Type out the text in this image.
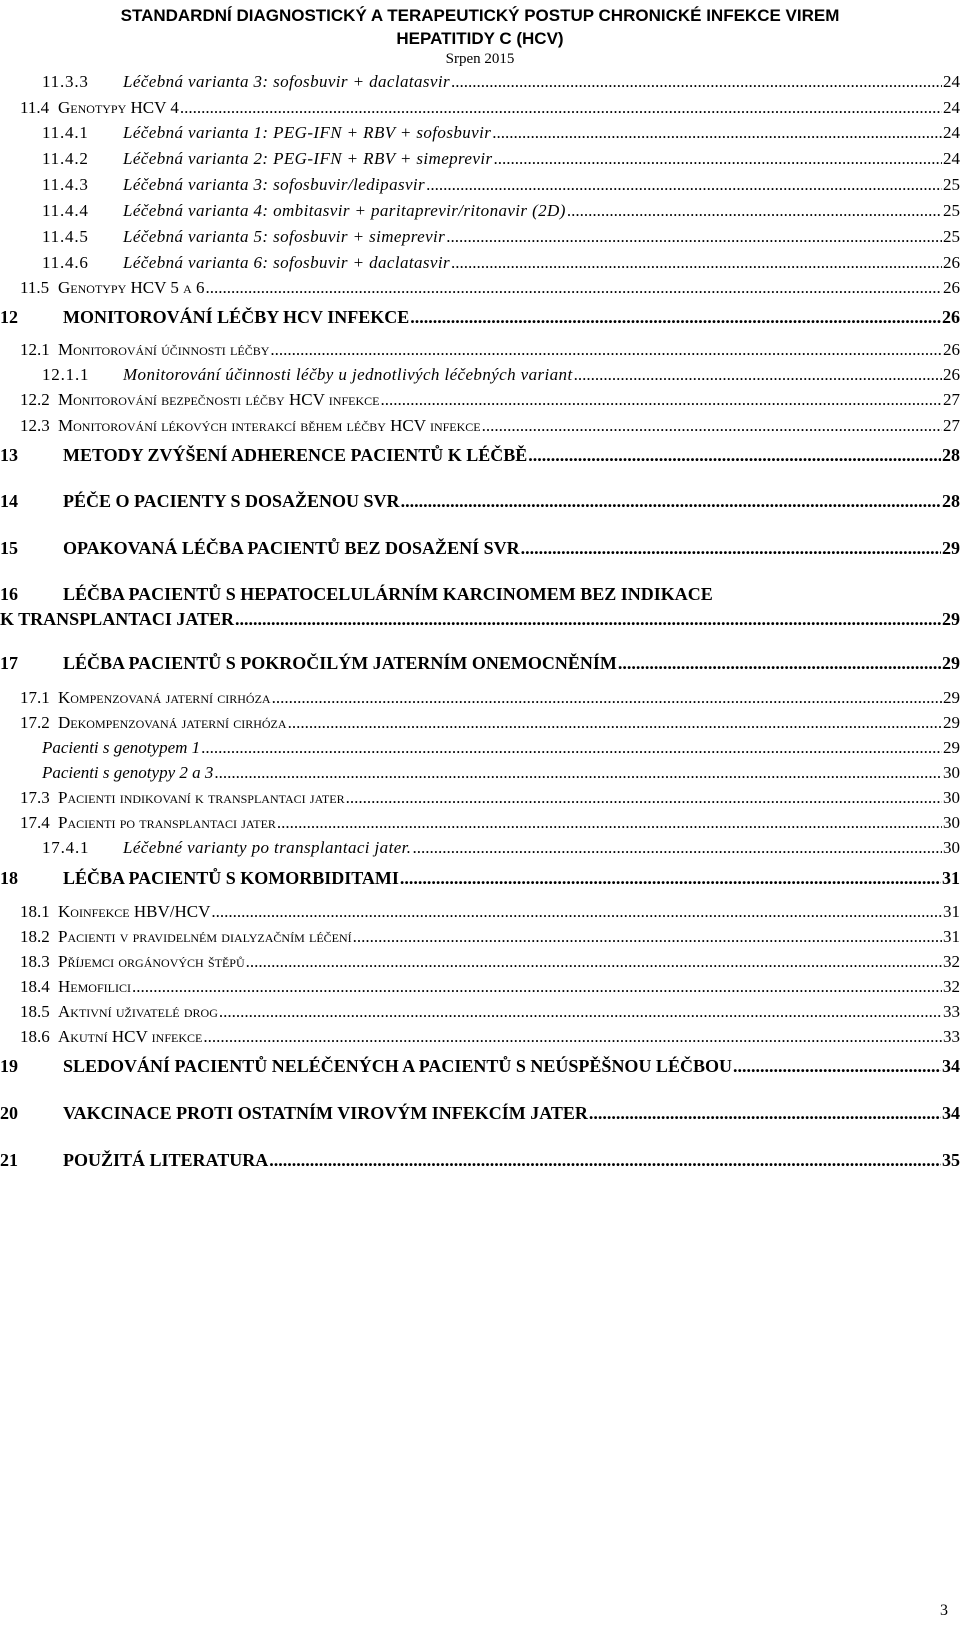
STANDARDNÍ DIAGNOSTICKÝ A TERAPEUTICKÝ POSTUP CHRONICKÉ INFEKCE VIREM
HEPATITIDY C (HCV)
Srpen 2015
11.3.3	Léčebná varianta 3: sofosbuvir + daclatasvir .....	24
11.4 Genotypy HCV 4 .....	24
11.4.1	Léčebná varianta 1: PEG-IFN + RBV + sofosbuvir .....	24
11.4.2	Léčebná varianta 2: PEG-IFN + RBV + simeprevir .....	24
11.4.3	Léčebná varianta 3: sofosbuvir/ledipasvir .....	25
11.4.4	Léčebná varianta 4: ombitasvir + paritaprevir/ritonavir (2D) .....	25
11.4.5	Léčebná varianta 5: sofosbuvir + simeprevir .....	25
11.4.6	Léčebná varianta 6: sofosbuvir + daclatasvir .....	26
11.5 Genotypy HCV 5 a 6 .....	26
12	MONITOROVÁNÍ LÉČBY HCV INFEKCE .....	26
12.1 Monitorování účinnosti léčby .....	26
12.1.1	Monitorování účinnosti léčby u jednotlivých léčebných variant .....	26
12.2 Monitorování bezpečnosti léčby HCV infekce .....	27
12.3 Monitorování lékových interakcí během léčby HCV infekce .....	27
13	METODY ZVÝŠENÍ ADHERENCE PACIENTŮ K LÉČBĚ .....	28
14	PÉČE O PACIENTY S DOSAŽENOU SVR .....	28
15	OPAKOVANÁ LÉČBA PACIENTŮ BEZ DOSAŽENÍ SVR .....	29
16	LÉČBA PACIENTŮ S HEPATOCELULÁRNÍM KARCINOMEM BEZ INDIKACE
K TRANSPLANTACI JATER .....	29
17	LÉČBA PACIENTŮ S POKROČILÝM JATERNÍM ONEMOCNĚNÍM .....	29
17.1 Kompenzovaná jaterní cirhóza .....	29
17.2 Dekompenzovaná jaterní cirhóza .....	29
Pacienti s genotypem 1 .....	29
Pacienti s genotypy 2 a 3 .....	30
17.3 Pacienti indikovaní k transplantaci jater .....	30
17.4 Pacienti po transplantaci jater .....	30
17.4.1	Léčebné varianty po transplantaci jater. .....	30
18	LÉČBA PACIENTŮ S KOMORBIDITAMI .....	31
18.1 Koinfekce HBV/HCV .....	31
18.2 Pacienti v pravidelném dialyzačním léčení .....	31
18.3 Příjemci orgánových štěpů .....	32
18.4 Hemofilici .....	32
18.5 Aktivní uživatelé drog .....	33
18.6 Akutní HCV infekce .....	33
19	SLEDOVÁNÍ PACIENTŮ NELÉČENÝCH A PACIENTŮ S NEÚSPĚŠNOU LÉČBOU .....	34
20	VAKCINACE PROTI OSTATNÍM VIROVÝM INFEKCÍM JATER .....	34
21	POUŽITÁ LITERATURA .....	35
3
